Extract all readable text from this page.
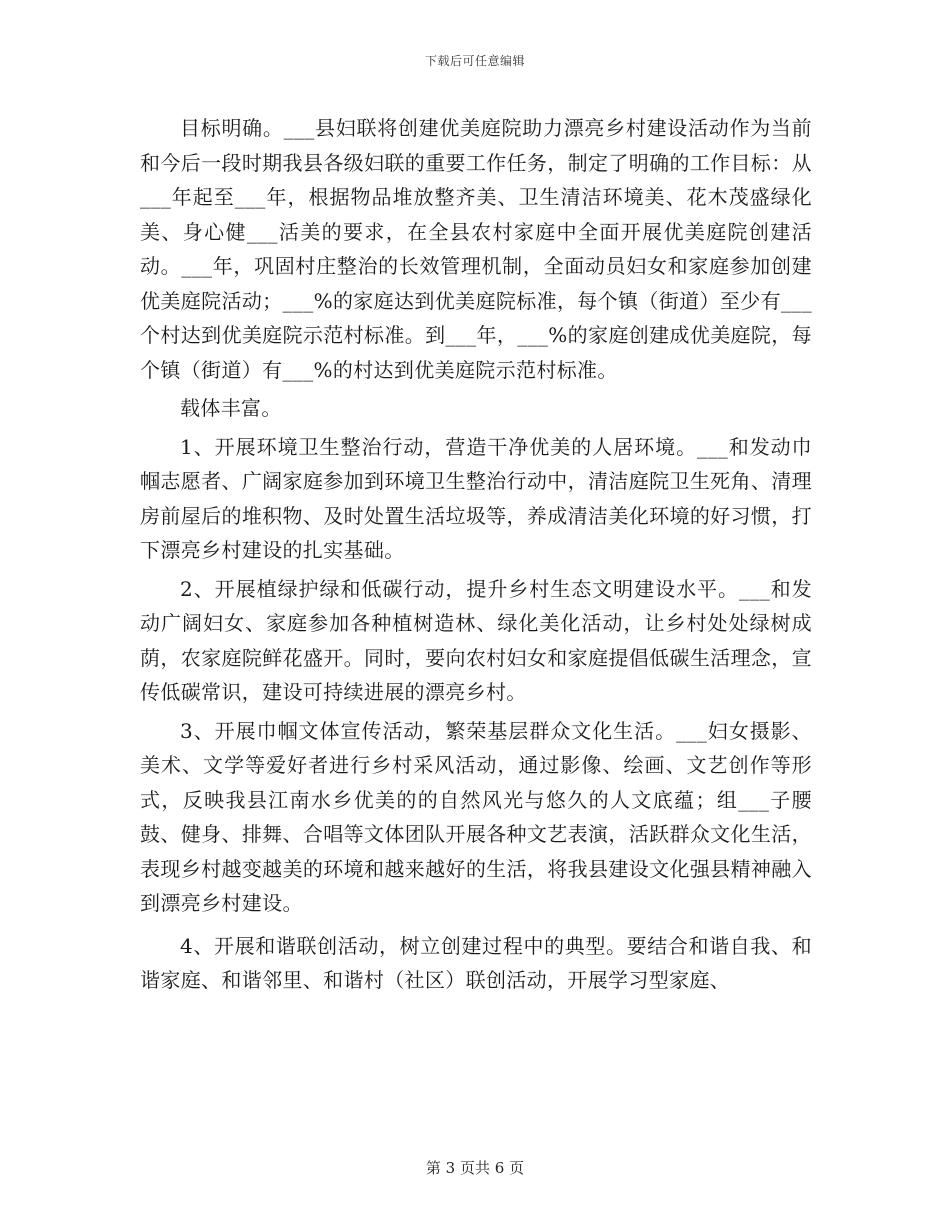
下载后可任意编辑

目标明确。___县妇联将创建优美庭院助力漂亮乡村建设活动作为当前和今后一段时期我县各级妇联的重要工作任务，制定了明确的工作目标：从___年起至___年，根据物品堆放整齐美、卫生清洁环境美、花木茂盛绿化美、身心健___活美的要求，在全县农村家庭中全面开展优美庭院创建活动。___年，巩固村庄整治的长效管理机制，全面动员妇女和家庭参加创建优美庭院活动；___%的家庭达到优美庭院标准，每个镇（街道）至少有___个村达到优美庭院示范村标准。到___年，___%的家庭创建成优美庭院，每个镇（街道）有___%的村达到优美庭院示范村标准。

载体丰富。

1、开展环境卫生整治行动，营造干净优美的人居环境。___和发动巾帼志愿者、广阔家庭参加到环境卫生整治行动中，清洁庭院卫生死角、清理房前屋后的堆积物、及时处置生活垃圾等，养成清洁美化环境的好习惯，打下漂亮乡村建设的扎实基础。

2、开展植绿护绿和低碳行动，提升乡村生态文明建设水平。___和发动广阔妇女、家庭参加各种植树造林、绿化美化活动，让乡村处处绿树成荫，农家庭院鲜花盛开。同时，要向农村妇女和家庭提倡低碳生活理念，宣传低碳常识，建设可持续进展的漂亮乡村。

3、开展巾帼文体宣传活动，繁荣基层群众文化生活。___妇女摄影、美术、文学等爱好者进行乡村采风活动，通过影像、绘画、文艺创作等形式，反映我县江南水乡优美的的自然风光与悠久的人文底蕴；组___子腰鼓、健身、排舞、合唱等文体团队开展各种文艺表演，活跃群众文化生活，表现乡村越变越美的环境和越来越好的生活，将我县建设文化强县精神融入到漂亮乡村建设。

4、开展和谐联创活动，树立创建过程中的典型。要结合和谐自我、和谐家庭、和谐邻里、和谐村（社区）联创活动，开展学习型家庭、

第 3 页共 6 页
